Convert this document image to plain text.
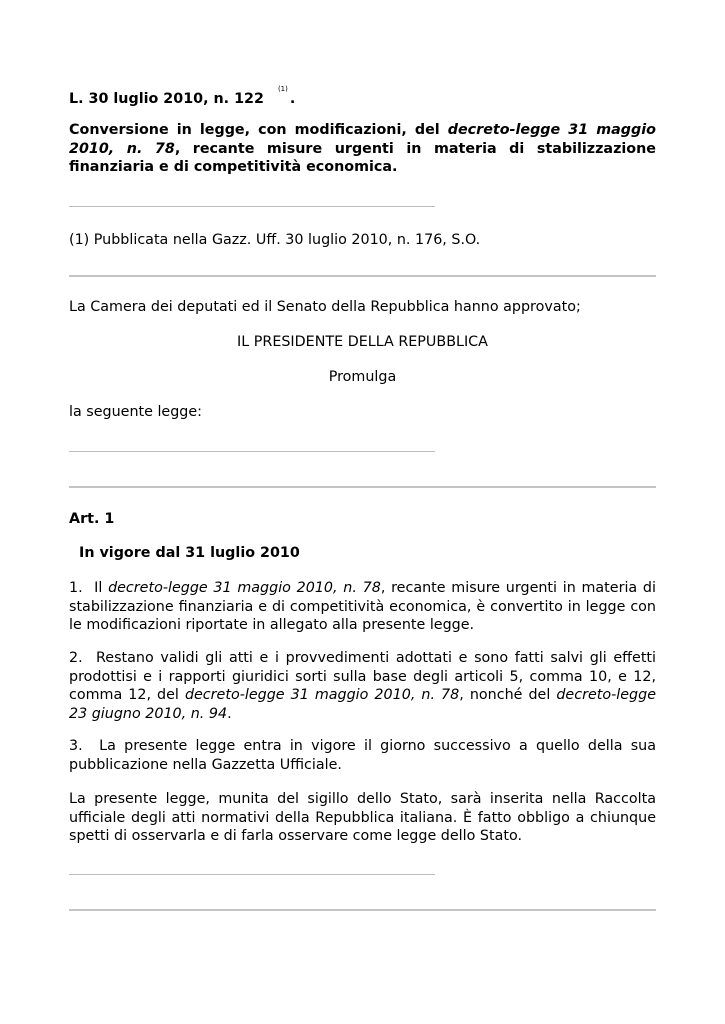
L. 30 luglio 2010, n. 122$^{(1)}$.
Conversione in legge, con modificazioni, del decreto-legge 31 maggio 2010, n. 78, recante misure urgenti in materia di stabilizzazione finanziaria e di competitività economica.
(1) Pubblicata nella Gazz. Uff. 30 luglio 2010, n. 176, S.O.
La Camera dei deputati ed il Senato della Repubblica hanno approvato;
IL PRESIDENTE DELLA REPUBBLICA
Promulga
la seguente legge:
Art. 1
In vigore dal 31 luglio 2010
1. Il decreto-legge 31 maggio 2010, n. 78, recante misure urgenti in materia di stabilizzazione finanziaria e di competitività economica, è convertito in legge con le modificazioni riportate in allegato alla presente legge.
2. Restano validi gli atti e i provvedimenti adottati e sono fatti salvi gli effetti prodottisi e i rapporti giuridici sorti sulla base degli articoli 5, comma 10, e 12, comma 12, del decreto-legge 31 maggio 2010, n. 78, nonché del decreto-legge 23 giugno 2010, n. 94.
3. La presente legge entra in vigore il giorno successivo a quello della sua pubblicazione nella Gazzetta Ufficiale.
La presente legge, munita del sigillo dello Stato, sarà inserita nella Raccolta ufficiale degli atti normativi della Repubblica italiana. È fatto obbligo a chiunque spetti di osservarla e di farla osservare come legge dello Stato.
